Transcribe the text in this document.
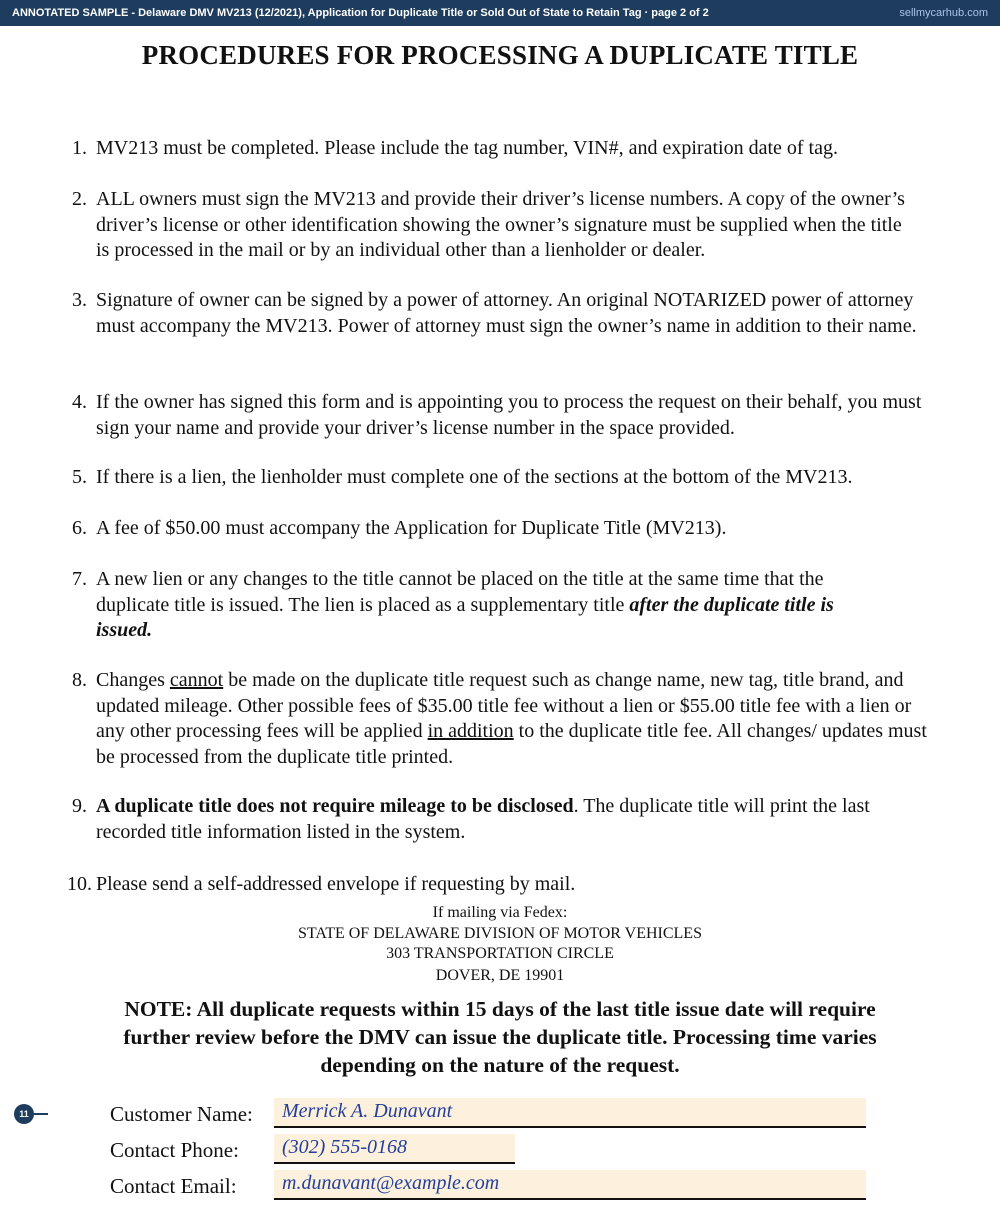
ANNOTATED SAMPLE - Delaware DMV MV213 (12/2021), Application for Duplicate Title or Sold Out of State to Retain Tag · page 2 of 2	sellmycarhub.com
PROCEDURES FOR PROCESSING A DUPLICATE TITLE
1. MV213 must be completed. Please include the tag number, VIN#, and expiration date of tag.
2. ALL owners must sign the MV213 and provide their driver’s license numbers. A copy of the owner’s driver’s license or other identification showing the owner’s signature must be supplied when the title is processed in the mail or by an individual other than a lienholder or dealer.
3. Signature of owner can be signed by a power of attorney. An original NOTARIZED power of attorney must accompany the MV213. Power of attorney must sign the owner’s name in addition to their name.
4. If the owner has signed this form and is appointing you to process the request on their behalf, you must sign your name and provide your driver’s license number in the space provided.
5. If there is a lien, the lienholder must complete one of the sections at the bottom of the MV213.
6. A fee of $50.00 must accompany the Application for Duplicate Title (MV213).
7. A new lien or any changes to the title cannot be placed on the title at the same time that the duplicate title is issued. The lien is placed as a supplementary title after the duplicate title is issued.
8. Changes cannot be made on the duplicate title request such as change name, new tag, title brand, and updated mileage. Other possible fees of $35.00 title fee without a lien or $55.00 title fee with a lien or any other processing fees will be applied in addition to the duplicate title fee. All changes/ updates must be processed from the duplicate title printed.
9. A duplicate title does not require mileage to be disclosed. The duplicate title will print the last recorded title information listed in the system.
10. Please send a self-addressed envelope if requesting by mail.
If mailing via Fedex:
STATE OF DELAWARE DIVISION OF MOTOR VEHICLES
303 TRANSPORTATION CIRCLE
DOVER, DE 19901
NOTE: All duplicate requests within 15 days of the last title issue date will require further review before the DMV can issue the duplicate title. Processing time varies depending on the nature of the request.
11	Customer Name: Merrick A. Dunavant
Contact Phone: (302) 555-0168
Contact Email: m.dunavant@example.com
